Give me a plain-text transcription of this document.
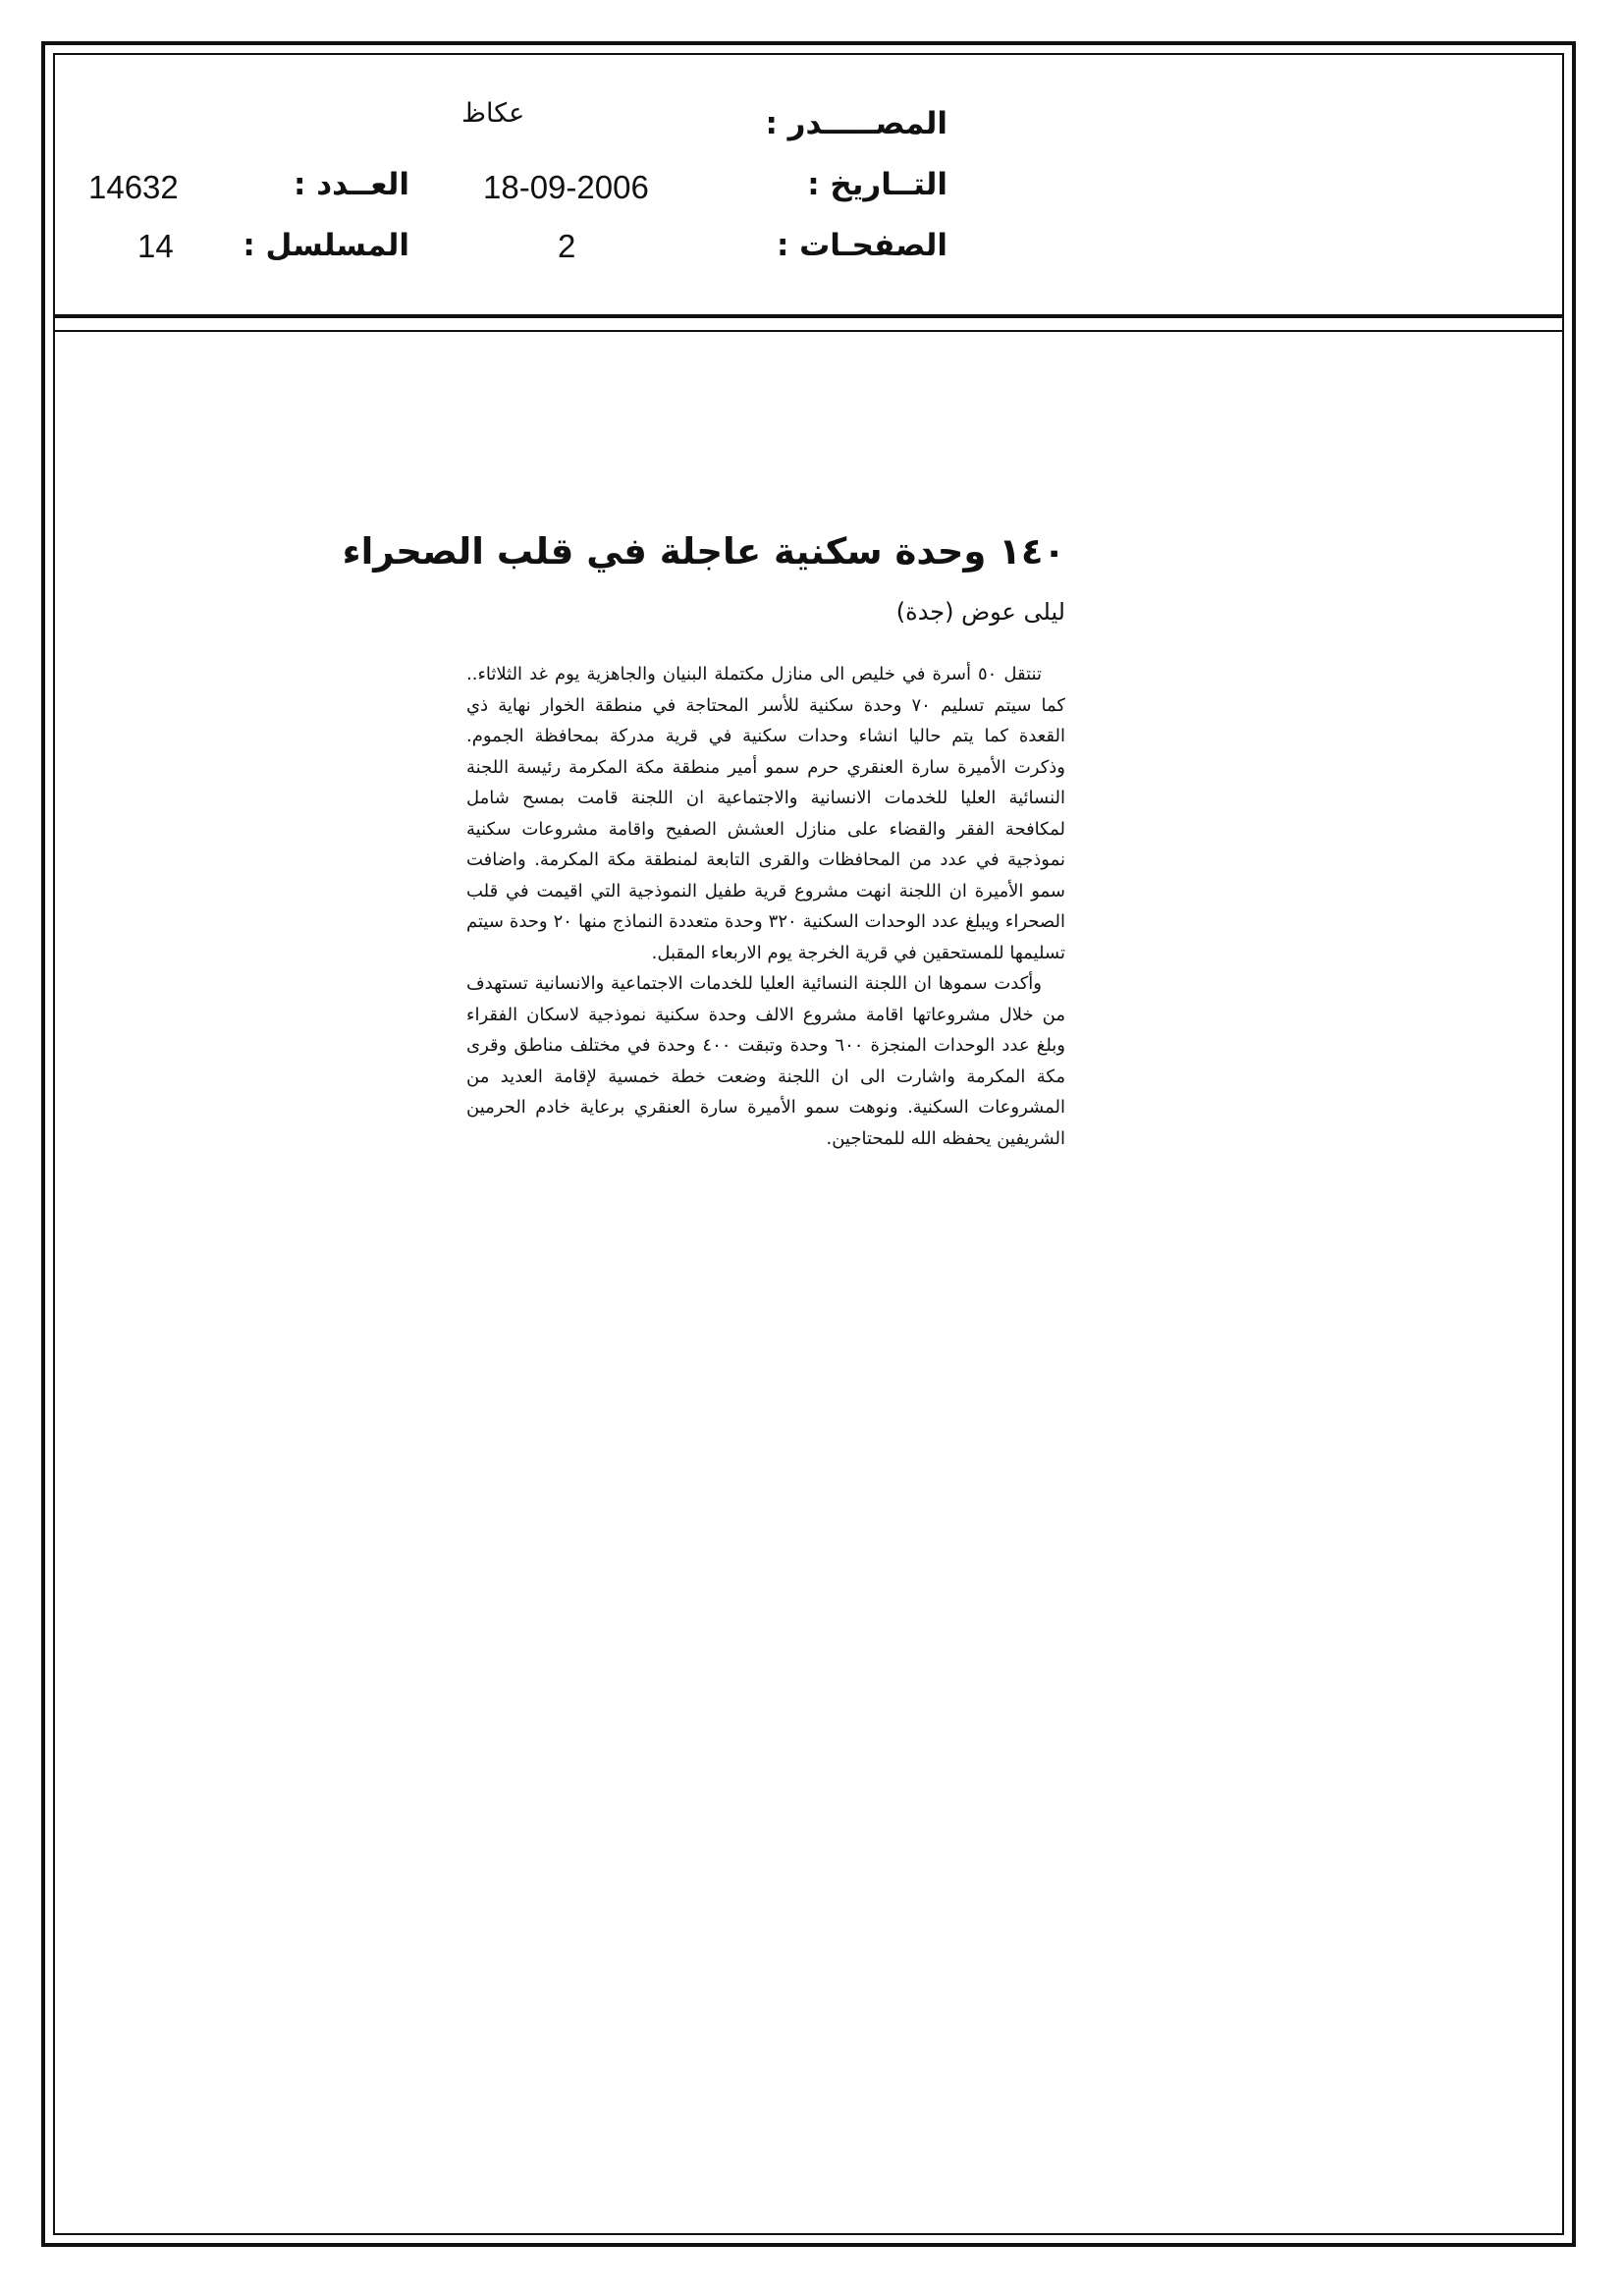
المصـــــدر :
عكاظ
التــاريخ :
18-09-2006
الصفحـات :
2
العــدد :
14632
المسلسل :
14
١٤٠ وحدة سكنية عاجلة في قلب الصحراء
ليلى عوض (جدة)

تنتقل ٥٠ أسرة في خليص الى منازل مكتملة البنيان والجاهزية يوم غد الثلاثاء.. كما سيتم تسليم ٧٠ وحدة سكنية للأسر المحتاجة في منطقة الخوار نهاية ذي القعدة كما يتم حاليا انشاء وحدات سكنية في قرية مدركة بمحافظة الجموم. وذكرت الأميرة سارة العنقري حرم سمو أمير منطقة مكة المكرمة رئيسة اللجنة النسائية العليا للخدمات الانسانية والاجتماعية ان اللجنة قامت بمسح شامل لمكافحة الفقر والقضاء على منازل العشش الصفيح واقامة مشروعات سكنية نموذجية في عدد من المحافظات والقرى التابعة لمنطقة مكة المكرمة. واضافت سمو الأميرة ان اللجنة انهت مشروع قرية طفيل النموذجية التي اقيمت في قلب الصحراء ويبلغ عدد الوحدات السكنية ٣٢٠ وحدة متعددة النماذج منها ٢٠ وحدة سيتم تسليمها للمستحقين في قرية الخرجة يوم الاربعاء المقبل.

وأكدت سموها ان اللجنة النسائية العليا للخدمات الاجتماعية والانسانية تستهدف من خلال مشروعاتها اقامة مشروع الالف وحدة سكنية نموذجية لاسكان الفقراء وبلغ عدد الوحدات المنجزة ٦٠٠ وحدة وتبقت ٤٠٠ وحدة في مختلف مناطق وقرى مكة المكرمة واشارت الى ان اللجنة وضعت خطة خمسية لإقامة العديد من المشروعات السكنية. ونوهت سمو الأميرة سارة العنقري برعاية خادم الحرمين الشريفين يحفظه الله للمحتاجين.
